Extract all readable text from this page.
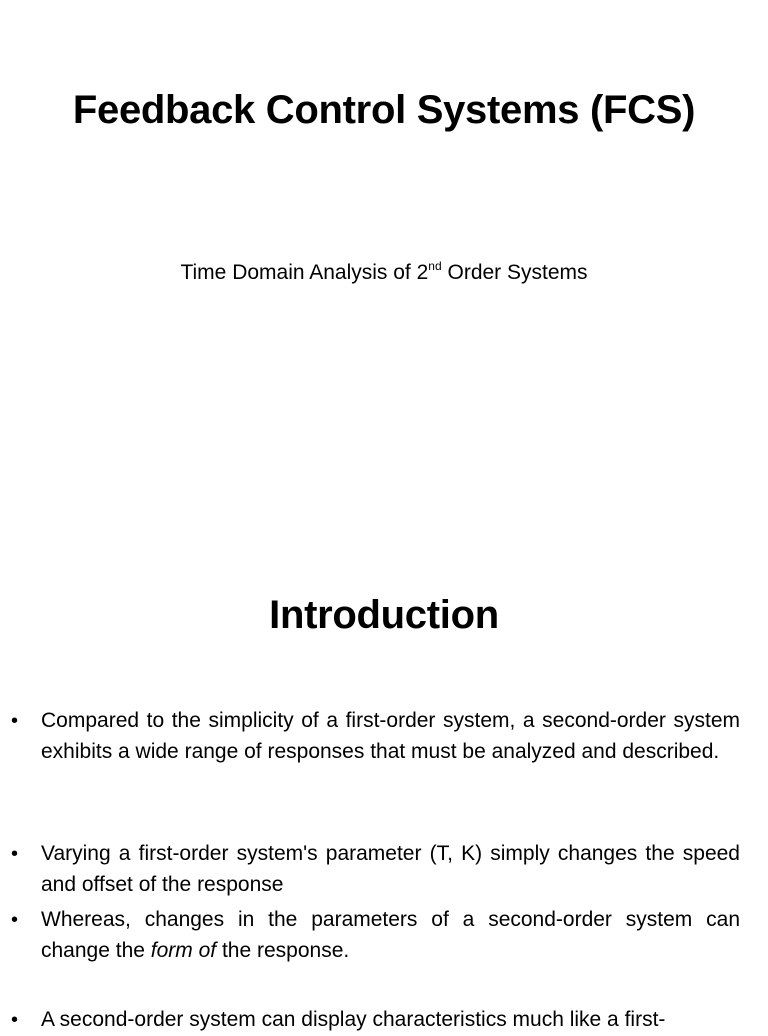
Feedback Control Systems (FCS)

Time Domain Analysis of 2nd Order Systems

Introduction
• Compared to the simplicity of a first-order system, a second-order system exhibits a wide range of responses that must be analyzed and described.

• Varying a first-order system's parameter (T, K) simply changes the speed and offset of the response

• Whereas, changes in the parameters of a second-order system can change the form of the response.

• A second-order system can display characteristics much like a first-
